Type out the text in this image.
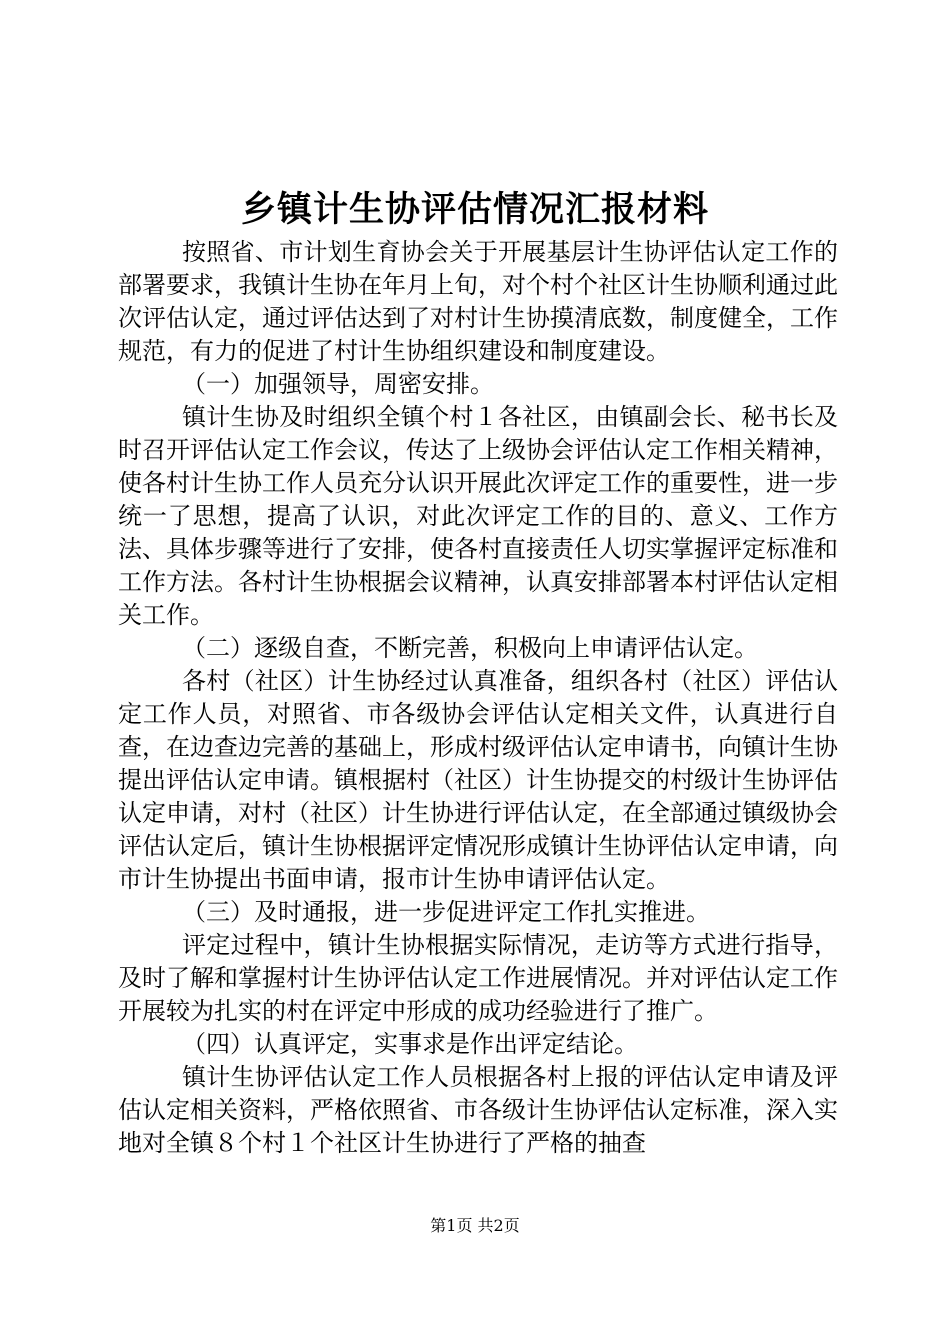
乡镇计生协评估情况汇报材料

按照省、市计划生育协会关于开展基层计生协评估认定工作的部署要求，我镇计生协在年月上旬，对个村个社区计生协顺利通过此次评估认定，通过评估达到了对村计生协摸清底数，制度健全，工作规范，有力的促进了村计生协组织建设和制度建设。

（一）加强领导，周密安排。

镇计生协及时组织全镇个村１各社区，由镇副会长、秘书长及时召开评估认定工作会议，传达了上级协会评估认定工作相关精神，使各村计生协工作人员充分认识开展此次评定工作的重要性，进一步统一了思想，提高了认识，对此次评定工作的目的、意义、工作方法、具体步骤等进行了安排，使各村直接责任人切实掌握评定标准和工作方法。各村计生协根据会议精神，认真安排部署本村评估认定相关工作。

（二）逐级自查，不断完善，积极向上申请评估认定。

各村（社区）计生协经过认真准备，组织各村（社区）评估认定工作人员，对照省、市各级协会评估认定相关文件，认真进行自查，在边查边完善的基础上，形成村级评估认定申请书，向镇计生协提出评估认定申请。镇根据村（社区）计生协提交的村级计生协评估认定申请，对村（社区）计生协进行评估认定，在全部通过镇级协会评估认定后，镇计生协根据评定情况形成镇计生协评估认定申请，向市计生协提出书面申请，报市计生协申请评估认定。

（三）及时通报，进一步促进评定工作扎实推进。

评定过程中，镇计生协根据实际情况，走访等方式进行指导，及时了解和掌握村计生协评估认定工作进展情况。并对评估认定工作开展较为扎实的村在评定中形成的成功经验进行了推广。

（四）认真评定，实事求是作出评定结论。

镇计生协评估认定工作人员根据各村上报的评估认定申请及评估认定相关资料，严格依照省、市各级计生协评估认定标准，深入实地对全镇８个村１个社区计生协进行了严格的抽查

第1页 共2页
